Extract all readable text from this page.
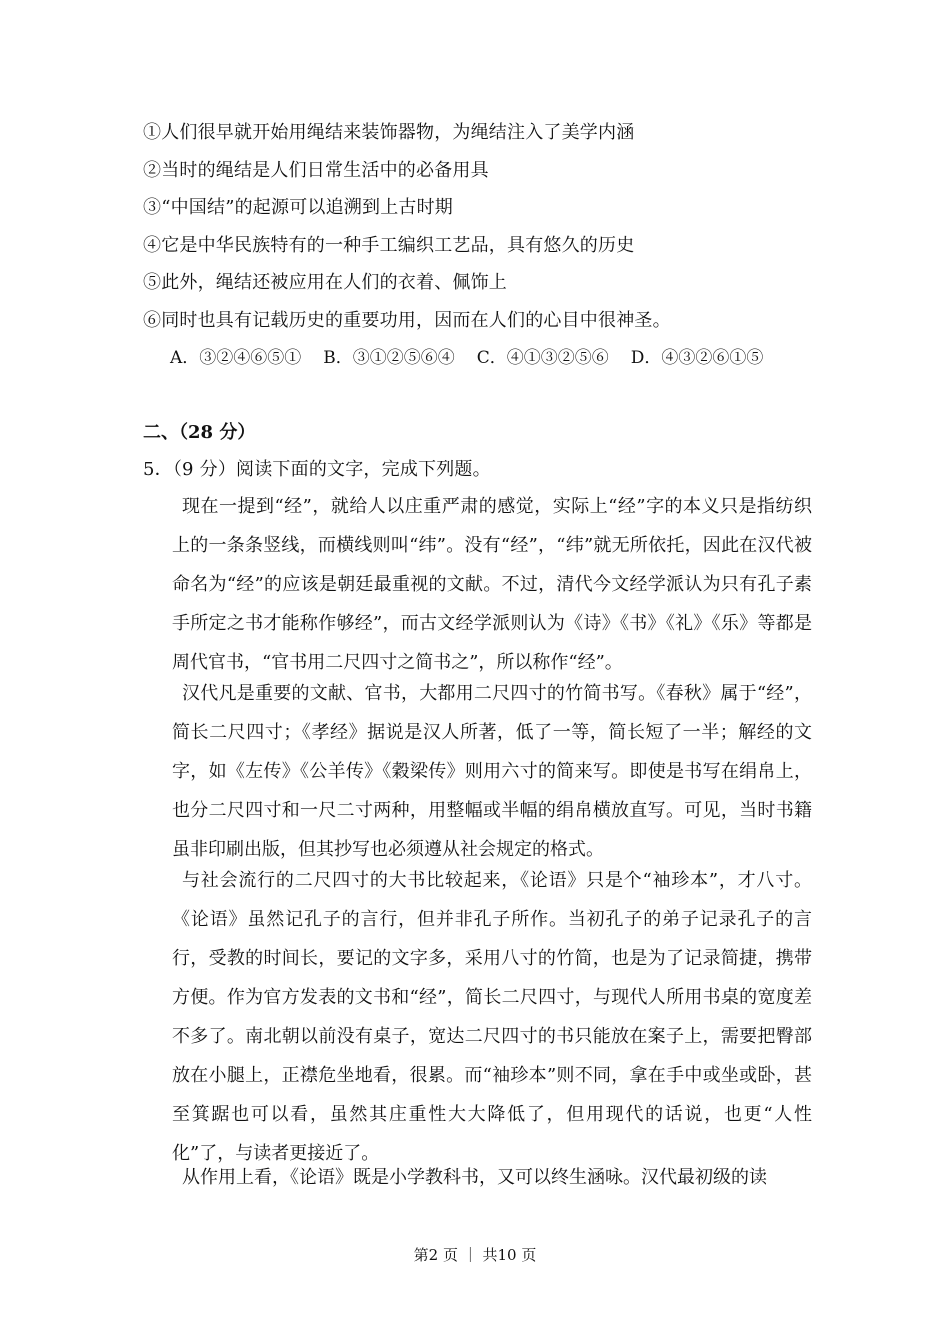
①人们很早就开始用绳结来装饰器物，为绳结注入了美学内涵
②当时的绳结是人们日常生活中的必备用具
③“中国结”的起源可以追溯到上古时期
④它是中华民族特有的一种手工编织工艺品，具有悠久的历史
⑤此外，绳结还被应用在人们的衣着、佩饰上
⑥同时也具有记载历史的重要功用，因而在人们的心目中很神圣。
A．③②④⑥⑤① B．③①②⑤⑥④ C．④①③②⑤⑥ D．④③②⑥①⑤
二、（28 分）
5．（9 分）阅读下面的文字，完成下列题。
现在一提到“经”，就给人以庄重严肃的感觉，实际上“经”字的本义只是指纺织上的一条条竖线，而横线则叫“纬”。没有“经”，“纬”就无所依托，因此在汉代被命名为“经”的应该是朝廷最重视的文献。不过，清代今文经学派认为只有孔子素手所定之书才能称作够经”，而古文经学派则认为《诗》《书》《礼》《乐》等都是周代官书，“官书用二尺四寸之简书之”，所以称作“经”。
汉代凡是重要的文献、官书，大都用二尺四寸的竹简书写。《春秋》属于“经”，简长二尺四寸；《孝经》据说是汉人所著，低了一等，简长短了一半；解经的文字，如《左传》《公羊传》《穀梁传》则用六寸的简来写。即使是书写在绢帛上，也分二尺四寸和一尺二寸两种，用整幅或半幅的绢帛横放直写。可见，当时书籍虽非印刷出版，但其抄写也必须遵从社会规定的格式。
与社会流行的二尺四寸的大书比较起来，《论语》只是个“袖珍本”，才八寸。《论语》虽然记孔子的言行，但并非孔子所作。当初孔子的弟子记录孔子的言行，受教的时间长，要记的文字多，采用八寸的竹简，也是为了记录简捷，携带方便。作为官方发表的文书和“经”，简长二尺四寸，与现代人所用书桌的宽度差不多了。南北朝以前没有桌子，宽达二尺四寸的书只能放在案子上，需要把臀部放在小腿上，正襟危坐地看，很累。而“袖珍本”则不同，拿在手中或坐或卧，甚至箕踞也可以看，虽然其庄重性大大降低了，但用现代的话说，也更“人性化”了，与读者更接近了。
从作用上看，《论语》既是小学教科书，又可以终生涵咏。汉代最初级的读
第2 页 ｜ 共10 页
